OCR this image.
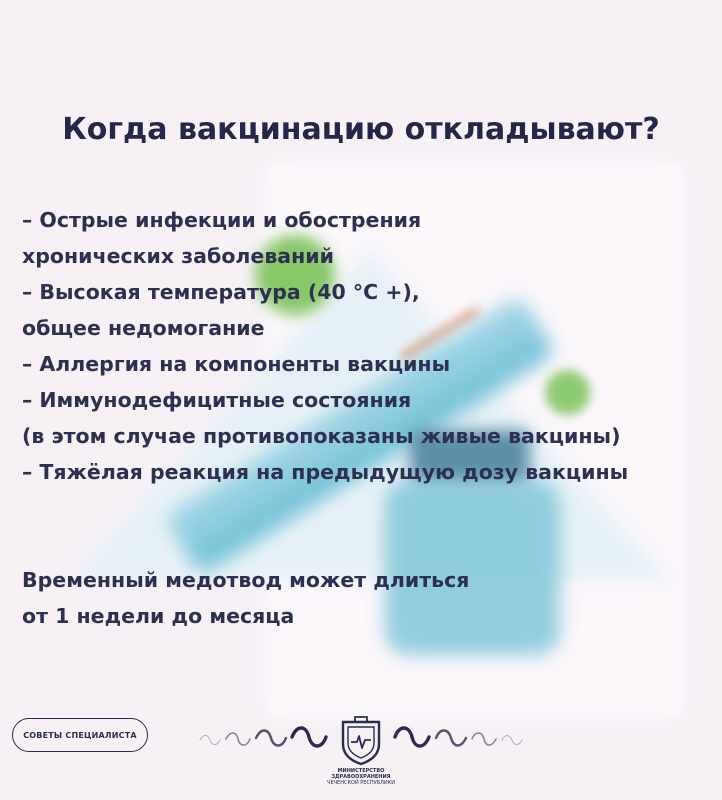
Когда вакцинацию откладывают?
– Острые инфекции и обострения
хронических заболеваний
– Высокая температура (40 °C +),
общее недомогание
– Аллергия на компоненты вакцины
– Иммунодефицитные состояния
(в этом случае противопоказаны живые вакцины)
– Тяжёлая реакция на предыдущую дозу вакцины
Временный медотвод может длиться
от 1 недели до месяца
СОВЕТЫ СПЕЦИАЛИСТА
МИНИСТЕРСТВО
ЗДРАВООХРАНЕНИЯ
ЧЕЧЕНСКОЙ РЕСПУБЛИКИ
